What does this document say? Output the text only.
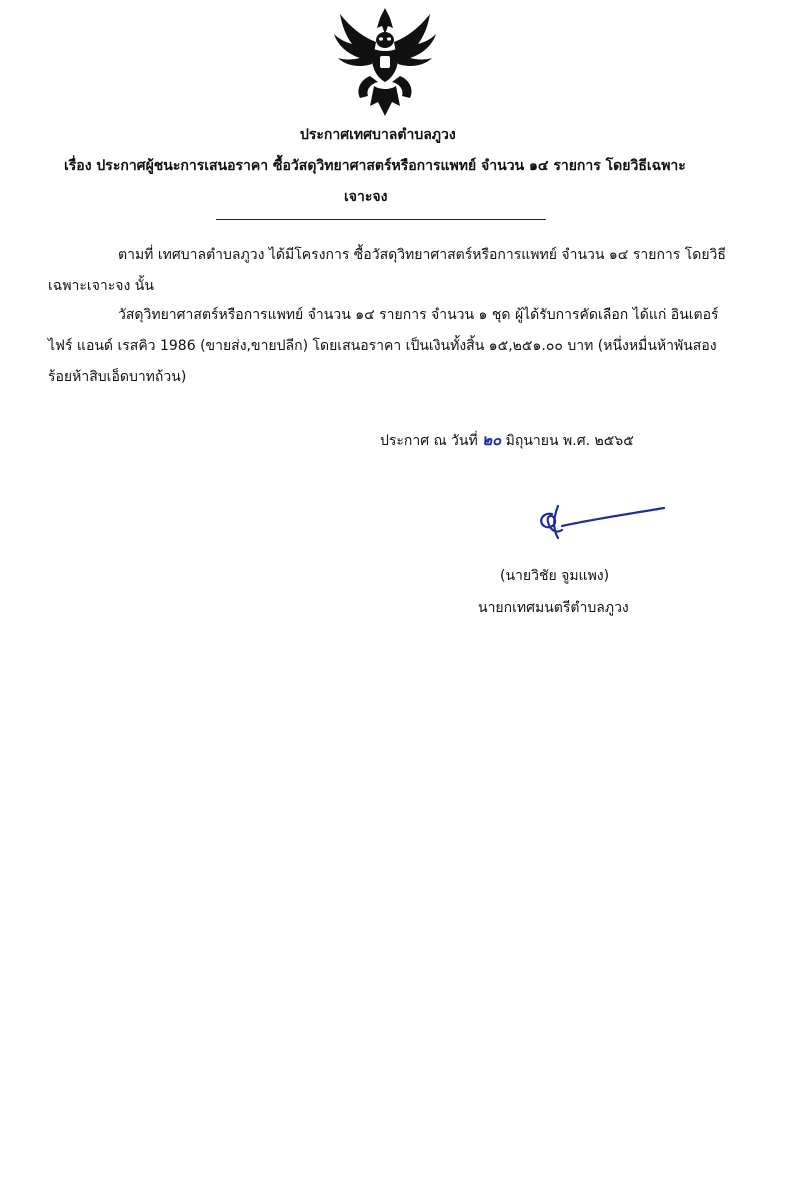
ประกาศเทศบาลตำบลภูวง
เรื่อง ประกาศผู้ชนะการเสนอราคา ซื้อวัสดุวิทยาศาสตร์หรือการแพทย์ จำนวน ๑๔ รายการ โดยวิธีเฉพาะ
เจาะจง
ตามที่ เทศบาลตำบลภูวง ได้มีโครงการ ซื้อวัสดุวิทยาศาสตร์หรือการแพทย์ จำนวน ๑๔ รายการ โดยวิธี
เฉพาะเจาะจง นั้น
วัสดุวิทยาศาสตร์หรือการแพทย์ จำนวน ๑๔ รายการ จำนวน ๑ ชุด ผู้ได้รับการคัดเลือก ได้แก่ อินเตอร์
ไฟร์ แอนด์ เรสคิว 1986 (ขายส่ง,ขายปลีก) โดยเสนอราคา เป็นเงินทั้งสิ้น ๑๕,๒๕๑.๐๐ บาท (หนึ่งหมื่นห้าพันสอง
ร้อยห้าสิบเอ็ดบาทถ้วน)
ประกาศ ณ วันที่ ๒๐ มิถุนายน พ.ศ. ๒๕๖๕
(นายวิชัย จูมแพง)
นายกเทศมนตรีตำบลภูวง
